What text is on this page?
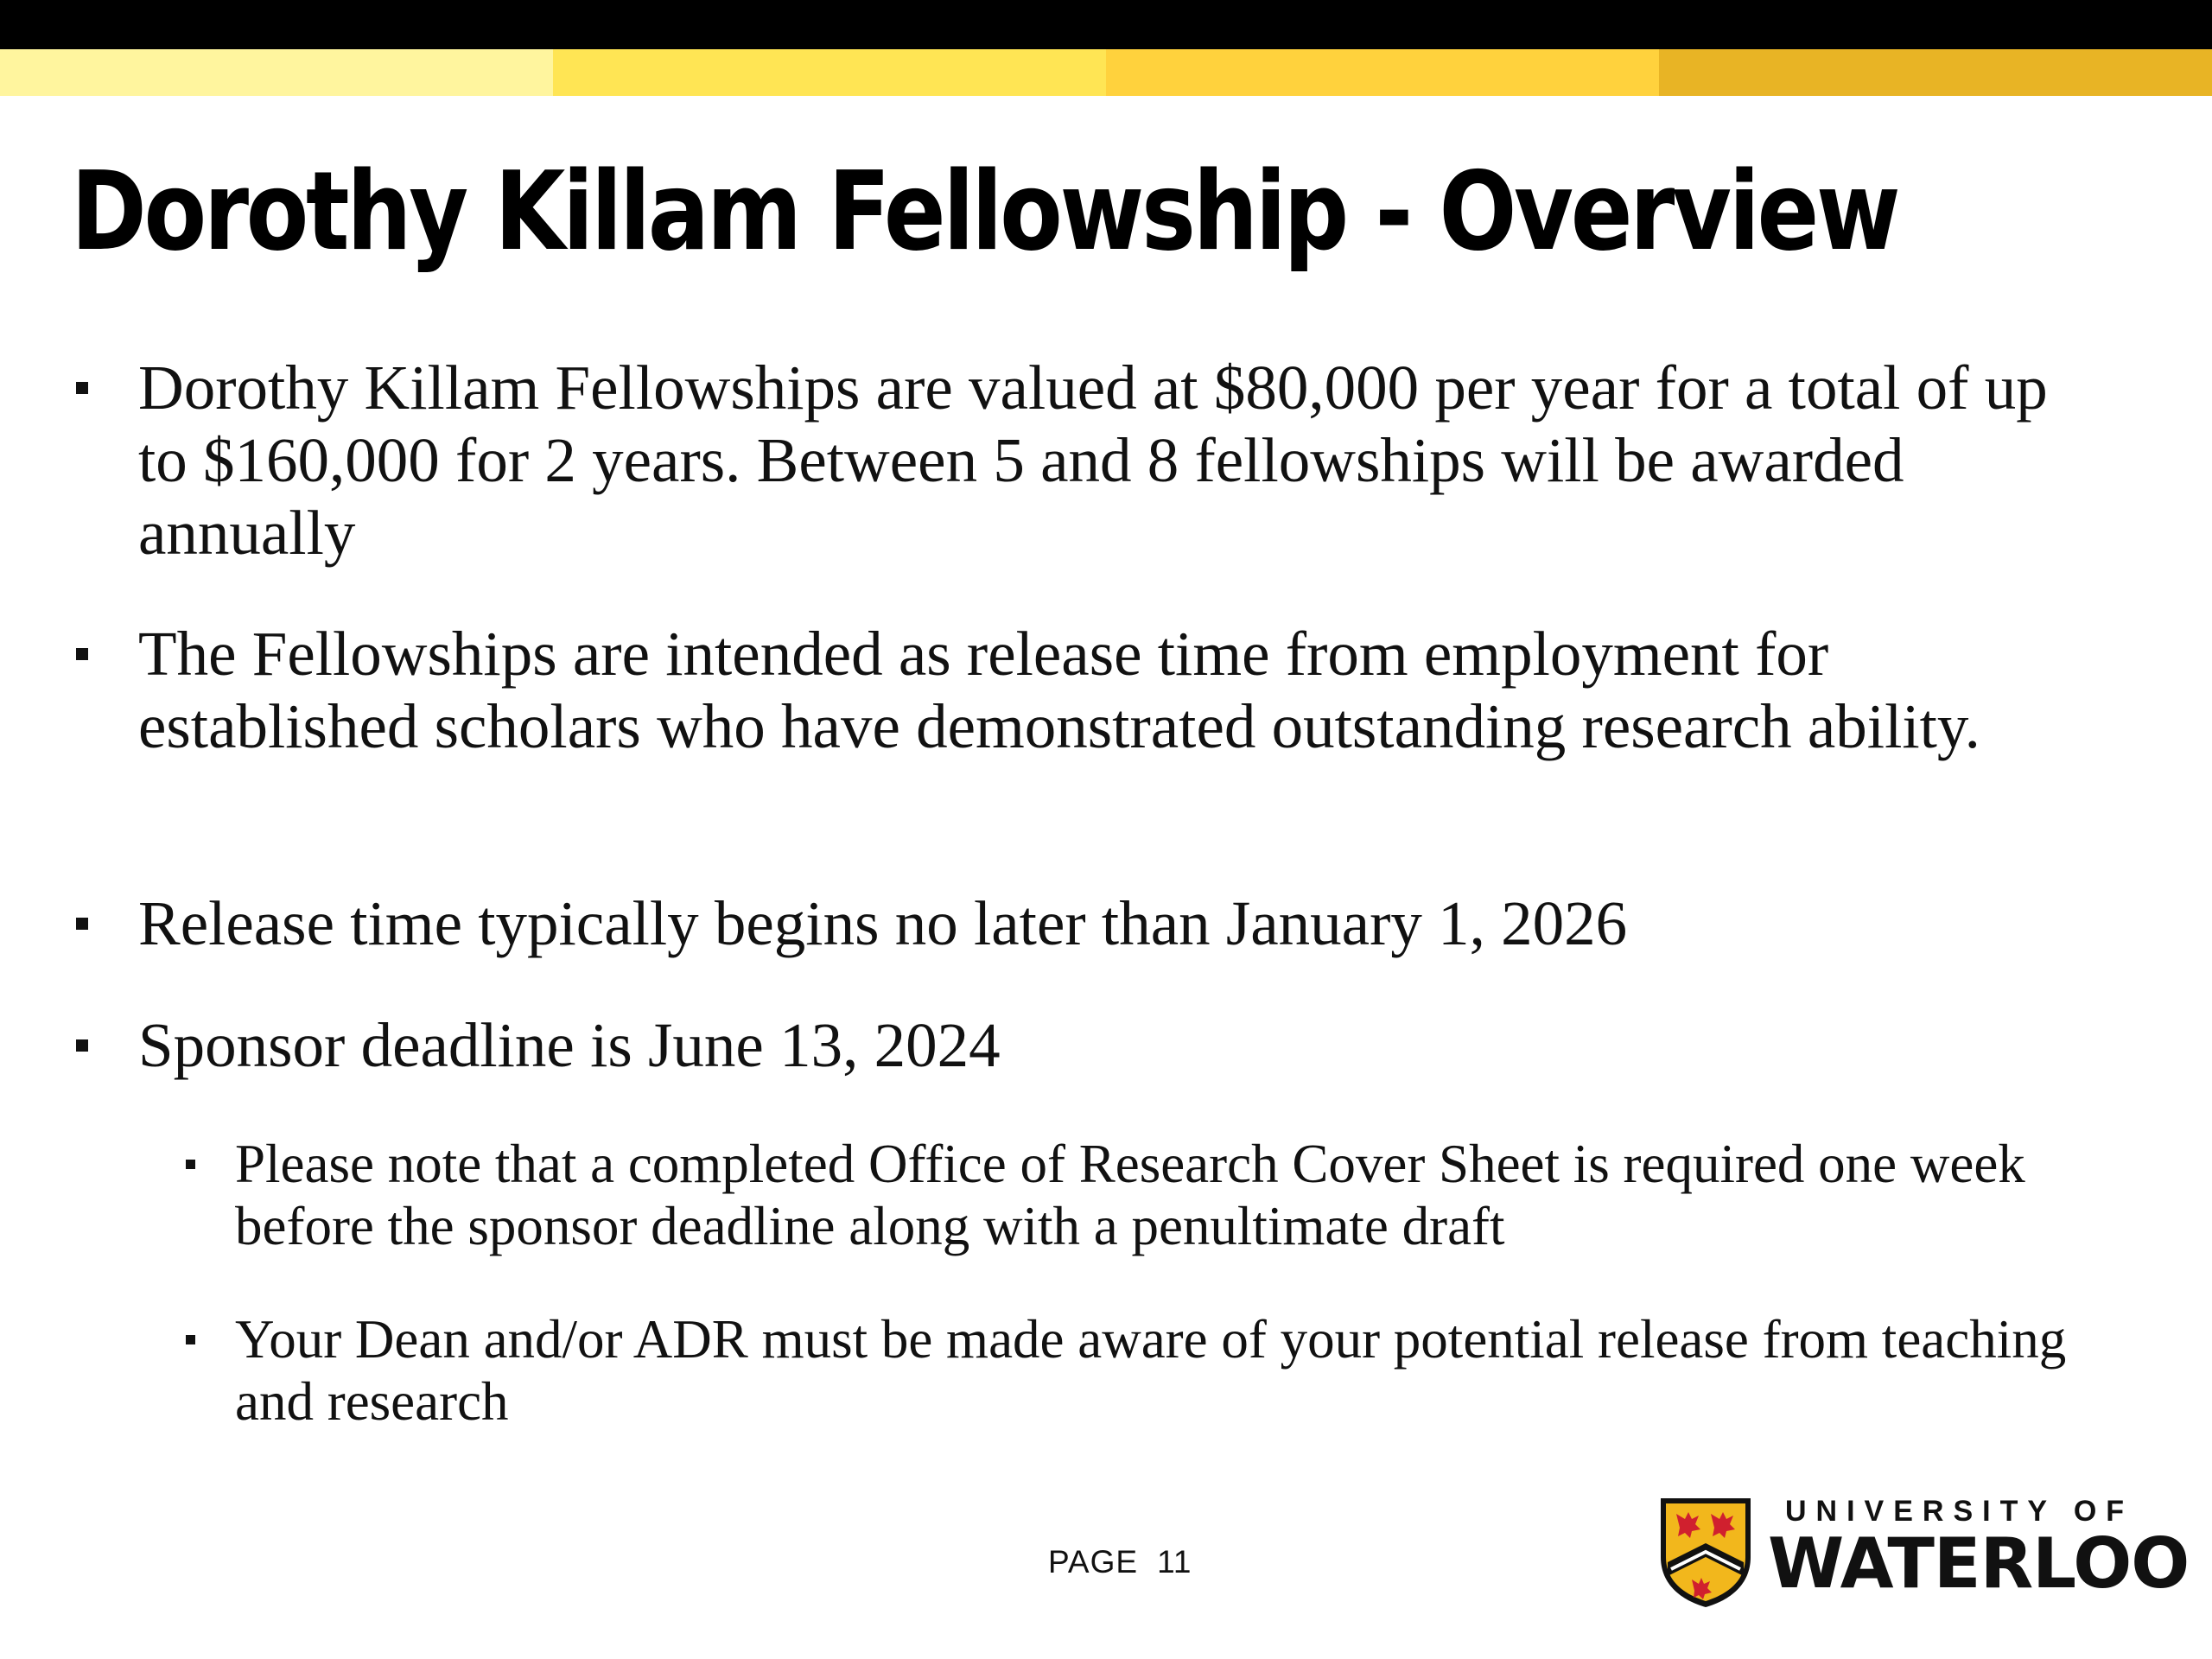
Dorothy Killam Fellowship - Overview
Dorothy Killam Fellowships are valued at $80,000 per year for a total of up to $160,000 for 2 years. Between 5 and 8 fellowships will be awarded annually
The Fellowships are intended as release time from employment for established scholars who have demonstrated outstanding research ability.
Release time typically begins no later than January 1, 2026
Sponsor deadline is June 13, 2024
Please note that a completed Office of Research Cover Sheet is required one week before the sponsor deadline along with a penultimate draft
Your Dean and/or ADR must be made aware of your potential release from teaching and research
PAGE 11
UNIVERSITY OF
WATERLOO
